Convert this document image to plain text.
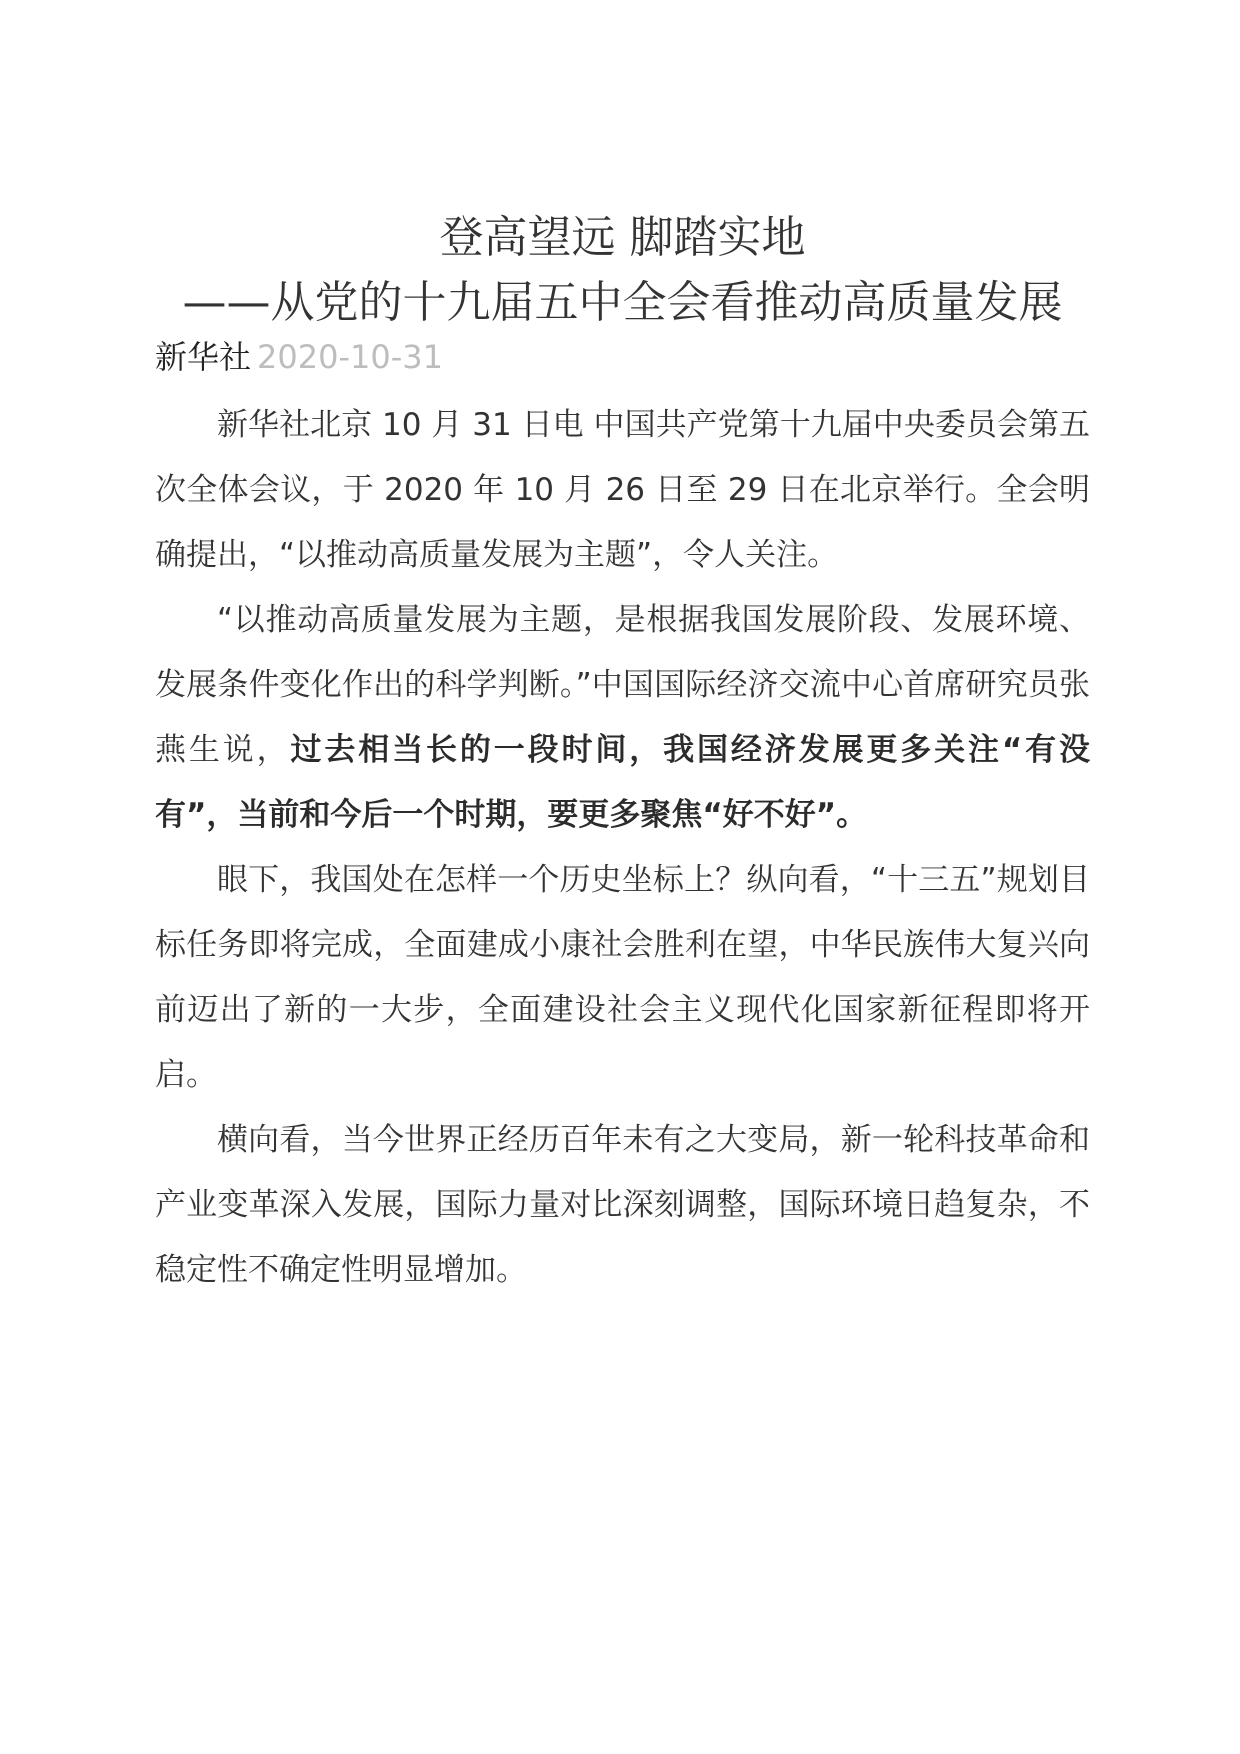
登高望远 脚踏实地
——从党的十九届五中全会看推动高质量发展
新华社 2020-10-31

新华社北京 10 月 31 日电 中国共产党第十九届中央委员会第五次全体会议，于 2020 年 10 月 26 日至 29 日在北京举行。全会明确提出，“以推动高质量发展为主题”，令人关注。

“以推动高质量发展为主题，是根据我国发展阶段、发展环境、发展条件变化作出的科学判断。”中国国际经济交流中心首席研究员张燕生说，过去相当长的一段时间，我国经济发展更多关注“有没有”，当前和今后一个时期，要更多聚焦“好不好”。

眼下，我国处在怎样一个历史坐标上？纵向看，“十三五”规划目标任务即将完成，全面建成小康社会胜利在望，中华民族伟大复兴向前迈出了新的一大步，全面建设社会主义现代化国家新征程即将开启。

横向看，当今世界正经历百年未有之大变局，新一轮科技革命和产业变革深入发展，国际力量对比深刻调整，国际环境日趋复杂，不稳定性不确定性明显增加。
